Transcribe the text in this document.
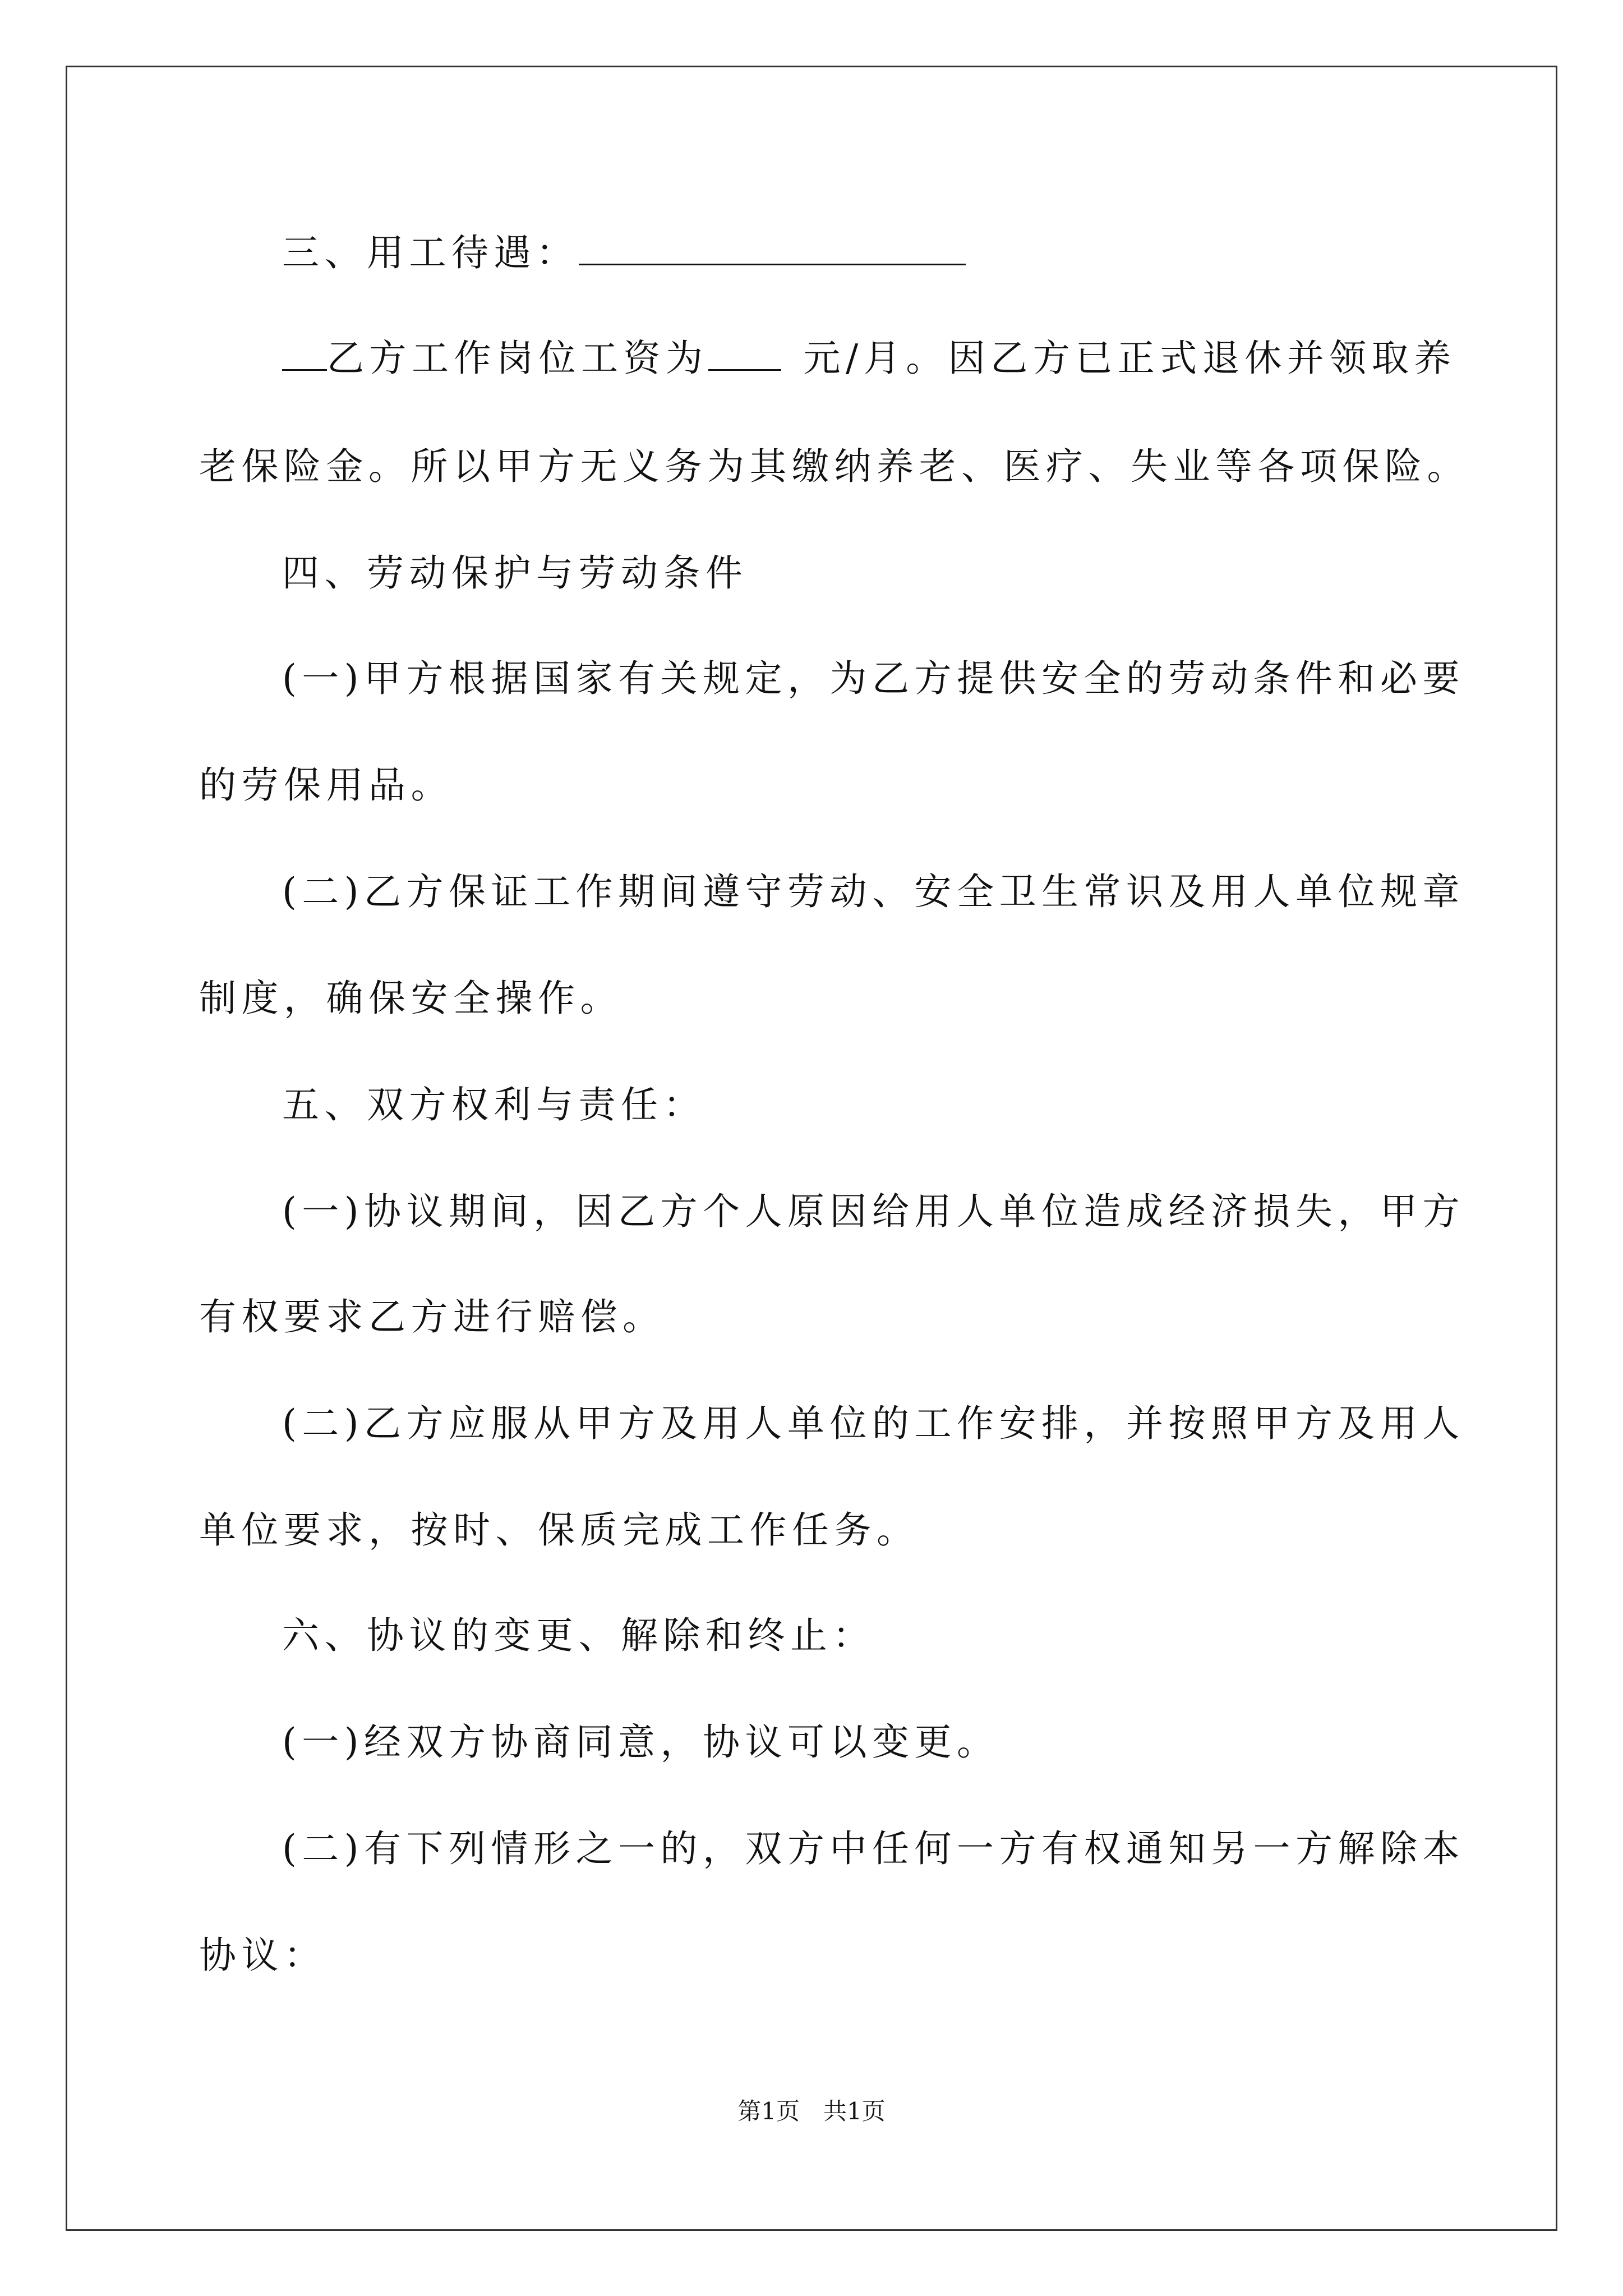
三、用工待遇：
乙方工作岗位工资为	元/月。因乙方已正式退休并领取养
老保险金。所以甲方无义务为其缴纳养老、医疗、失业等各项保险。
四、劳动保护与劳动条件
(一)甲方根据国家有关规定，为乙方提供安全的劳动条件和必要
的劳保用品。
(二)乙方保证工作期间遵守劳动、安全卫生常识及用人单位规章
制度，确保安全操作。
五、双方权利与责任：
(一)协议期间，因乙方个人原因给用人单位造成经济损失，甲方
有权要求乙方进行赔偿。
(二)乙方应服从甲方及用人单位的工作安排，并按照甲方及用人
单位要求，按时、保质完成工作任务。
六、协议的变更、解除和终止：
(一)经双方协商同意，协议可以变更。
(二)有下列情形之一的，双方中任何一方有权通知另一方解除本
协议：
第1页　共1页
